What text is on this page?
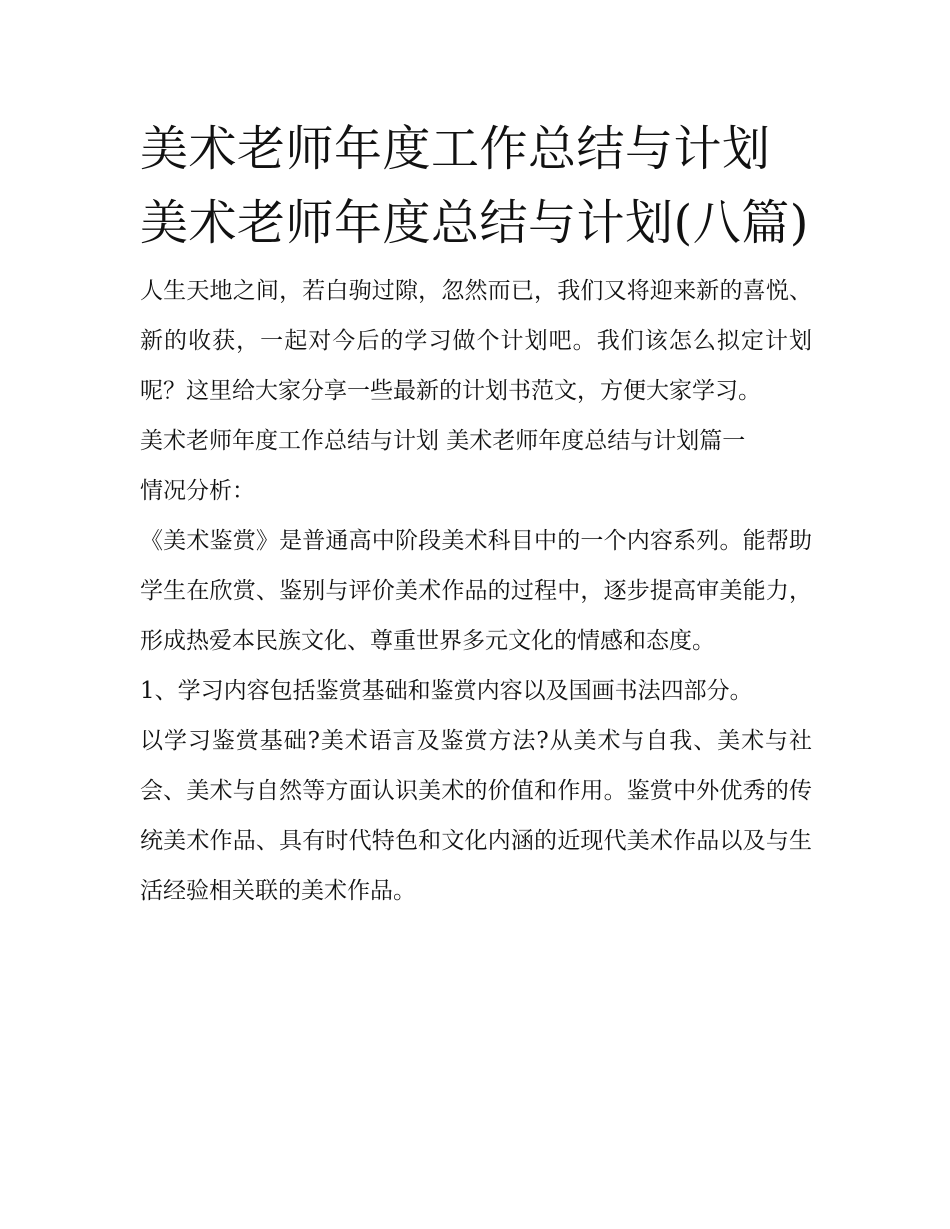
美术老师年度工作总结与计划 美术老师年度总结与计划(八篇)

人生天地之间，若白驹过隙，忽然而已，我们又将迎来新的喜悦、新的收获，一起对今后的学习做个计划吧。我们该怎么拟定计划呢？这里给大家分享一些最新的计划书范文，方便大家学习。

美术老师年度工作总结与计划 美术老师年度总结与计划篇一

情况分析：

《美术鉴赏》是普通高中阶段美术科目中的一个内容系列。能帮助学生在欣赏、鉴别与评价美术作品的过程中，逐步提高审美能力，形成热爱本民族文化、尊重世界多元文化的情感和态度。

1、学习内容包括鉴赏基础和鉴赏内容以及国画书法四部分。

以学习鉴赏基础?美术语言及鉴赏方法?从美术与自我、美术与社会、美术与自然等方面认识美术的价值和作用。鉴赏中外优秀的传统美术作品、具有时代特色和文化内涵的近现代美术作品以及与生活经验相关联的美术作品。
